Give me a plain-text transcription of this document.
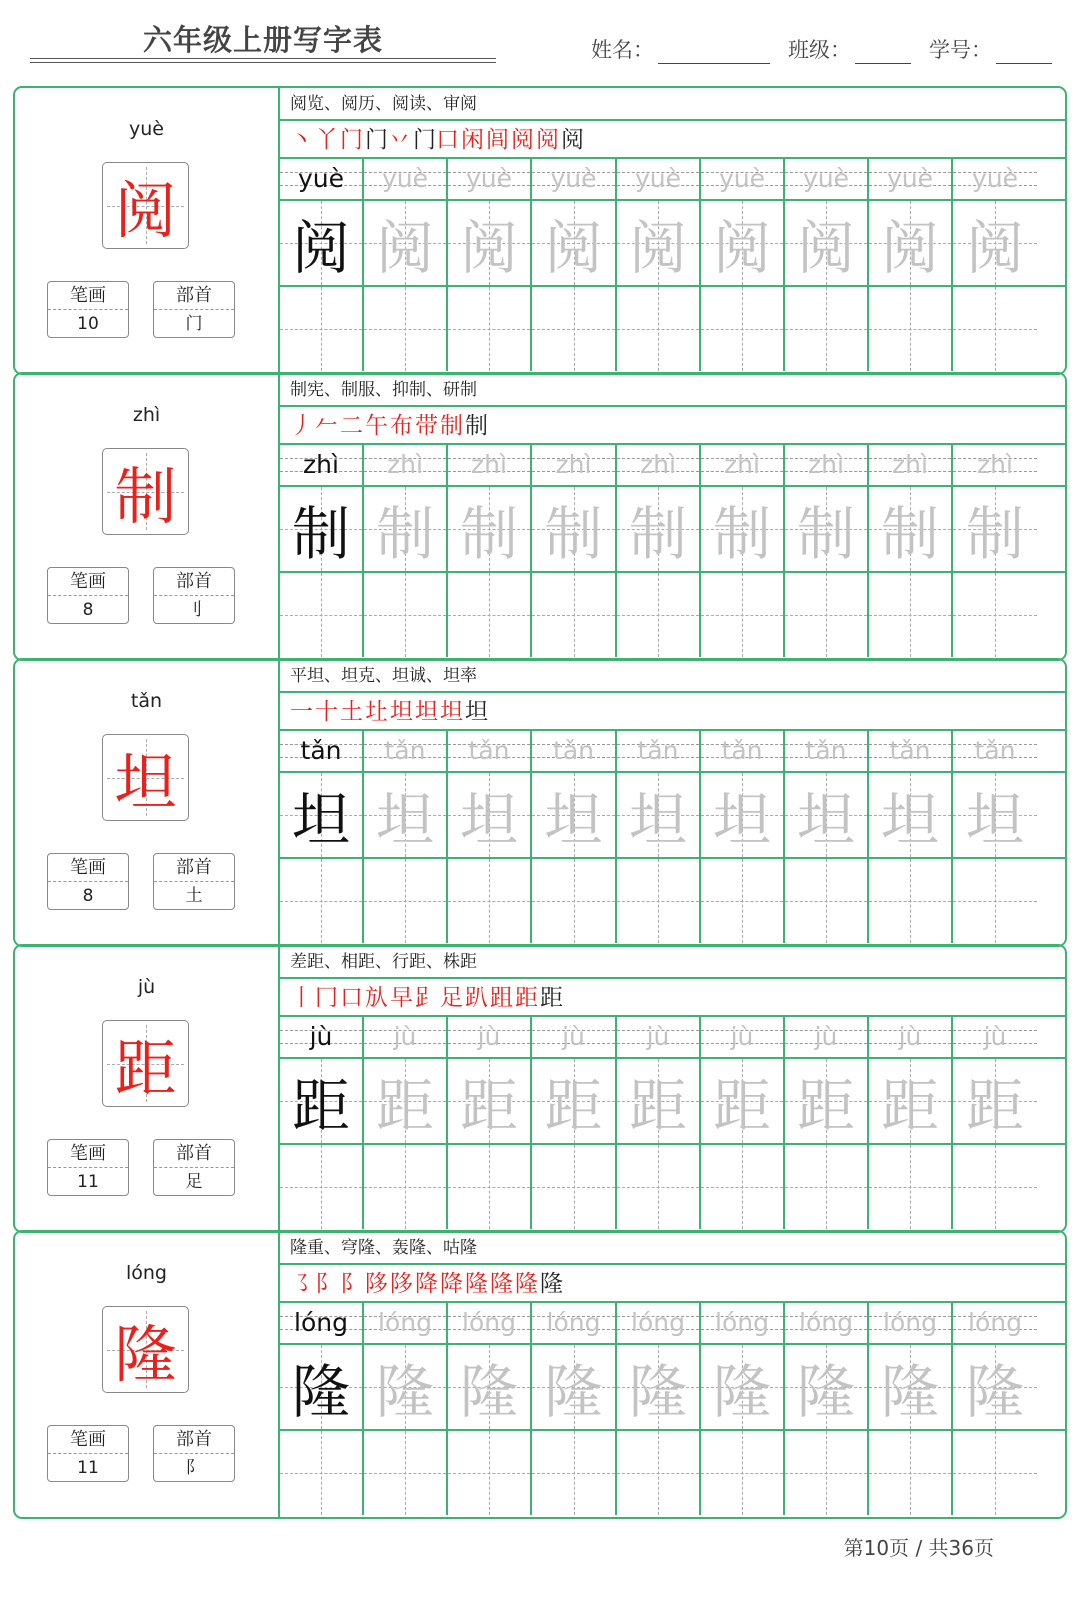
六年级上册写字表	姓名：	班级：	学号：
yuè
阅
笔画
10
部首
门
阅览、阅历、阅读、审阅
丶 丫 门 门丷 门口 闲 闾 阅 阅 阅
yuè
阅
yuè
阅
yuè
阅
yuè
阅
yuè
阅
yuè
阅
yuè
阅
yuè
阅
yuè
阅
zhì
制
笔画
8
部首
刂
制宪、制服、抑制、研制
丿 𠂉 二 午 布 带 制 制
zhì
制
zhì
制
zhì
制
zhì
制
zhì
制
zhì
制
zhì
制
zhì
制
zhì
制
tǎn
坦
笔画
8
部首
土
平坦、坦克、坦诚、坦率
一 十 土 圵 坦 坦 坦 坦
tǎn
坦
tǎn
坦
tǎn
坦
tǎn
坦
tǎn
坦
tǎn
坦
tǎn
坦
tǎn
坦
tǎn
坦
jù
距
笔画
11
部首
足
差距、相距、行距、株距
丨 冂 口 㫃 早 𧾷 足 趴 跙 距 距
jù
距
jù
距
jù
距
jù
距
jù
距
jù
距
jù
距
jù
距
jù
距
lóng
隆
笔画
11
部首
阝
隆重、穹隆、轰隆、咕隆
㇌ 阝 阝 陊 陊 降 降 隆 隆 隆 隆
lóng
隆
lóng
隆
lóng
隆
lóng
隆
lóng
隆
lóng
隆
lóng
隆
lóng
隆
lóng
隆
第10页 / 共36页
